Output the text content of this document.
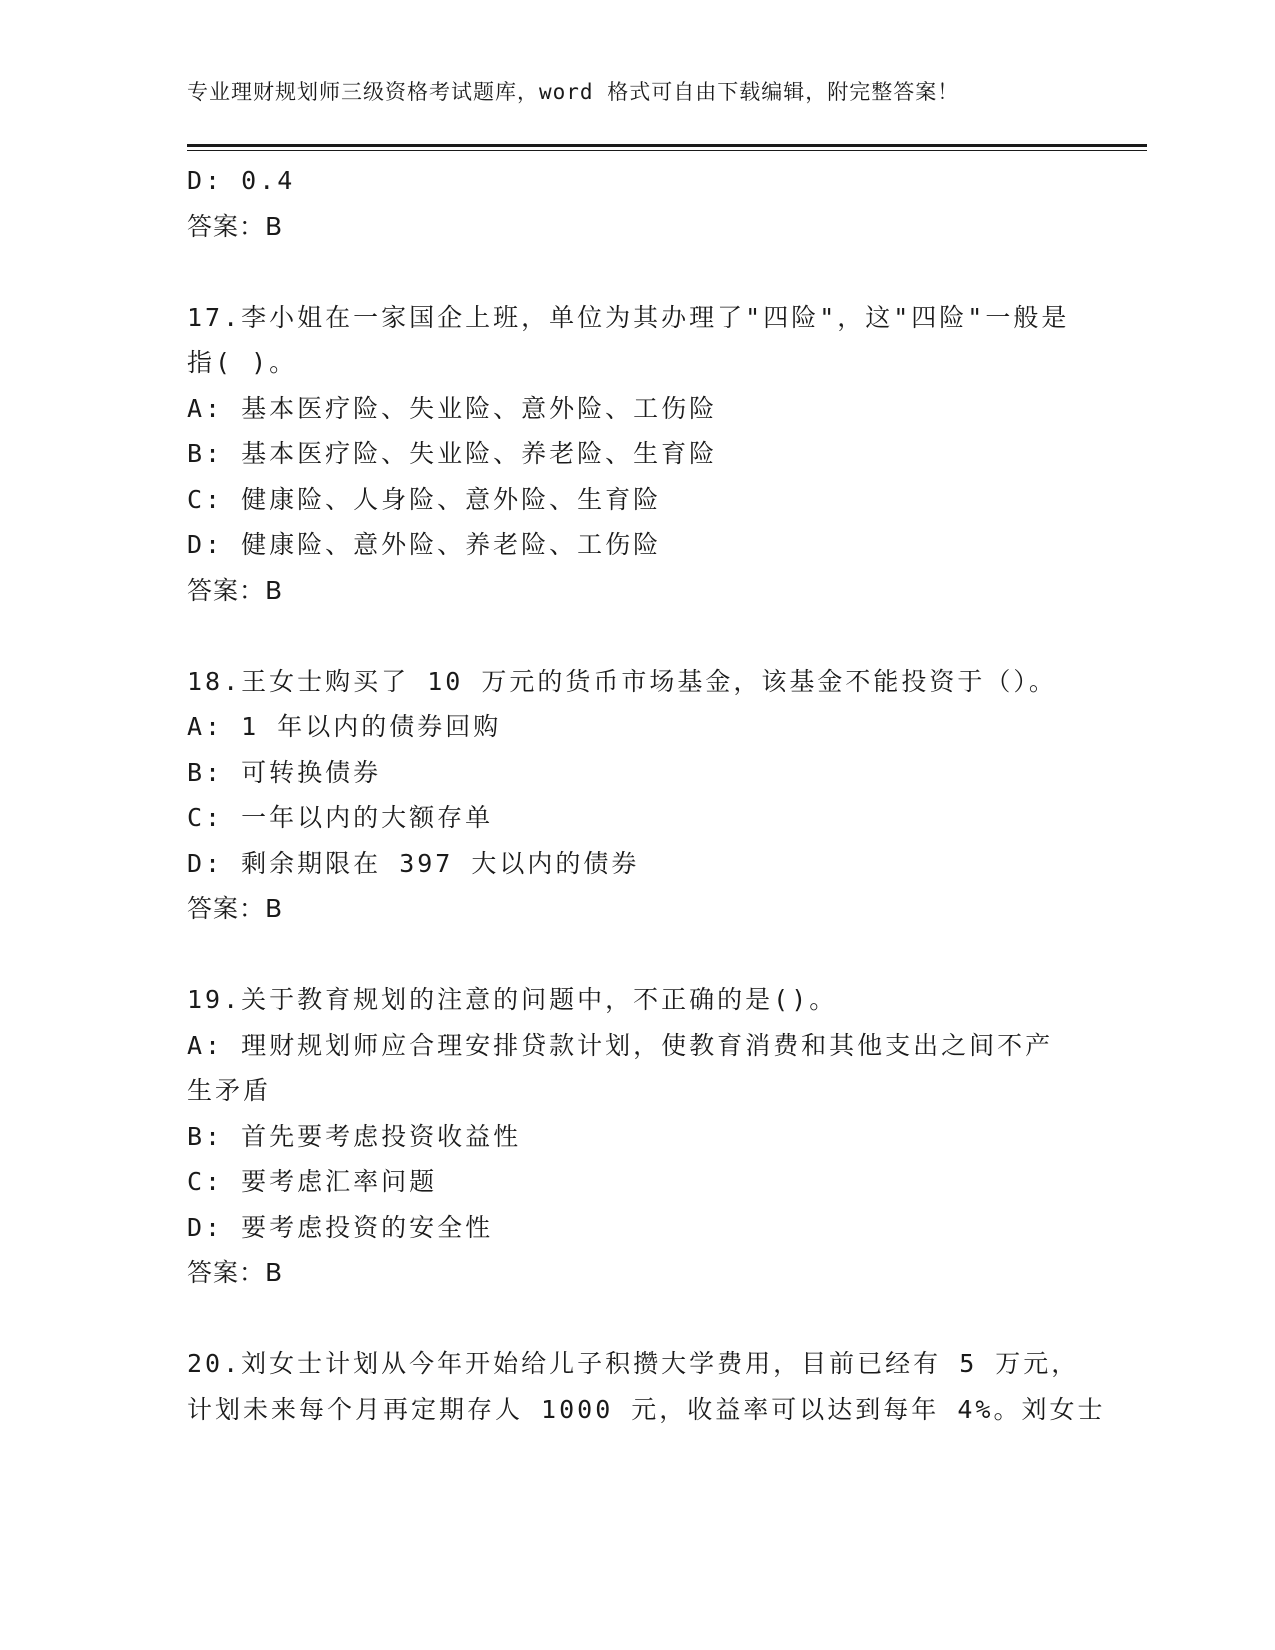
专业理财规划师三级资格考试题库，word 格式可自由下载编辑，附完整答案！
D: 0.4
答案：B
17.李小姐在一家国企上班，单位为其办理了"四险"，这"四险"一般是
指( )。
A: 基本医疗险、失业险、意外险、工伤险
B: 基本医疗险、失业险、养老险、生育险
C: 健康险、人身险、意外险、生育险
D: 健康险、意外险、养老险、工伤险
答案：B
18.王女士购买了 10 万元的货币市场基金，该基金不能投资于（）。
A: 1 年以内的债券回购
B: 可转换债券
C: 一年以内的大额存单
D: 剩余期限在 397 大以内的债券
答案：B
19.关于教育规划的注意的问题中，不正确的是()。
A: 理财规划师应合理安排贷款计划，使教育消费和其他支出之间不产
生矛盾
B: 首先要考虑投资收益性
C: 要考虑汇率问题
D: 要考虑投资的安全性
答案：B
20.刘女士计划从今年开始给儿子积攒大学费用，目前已经有 5 万元，
计划未来每个月再定期存人 1000 元，收益率可以达到每年 4%。刘女士
